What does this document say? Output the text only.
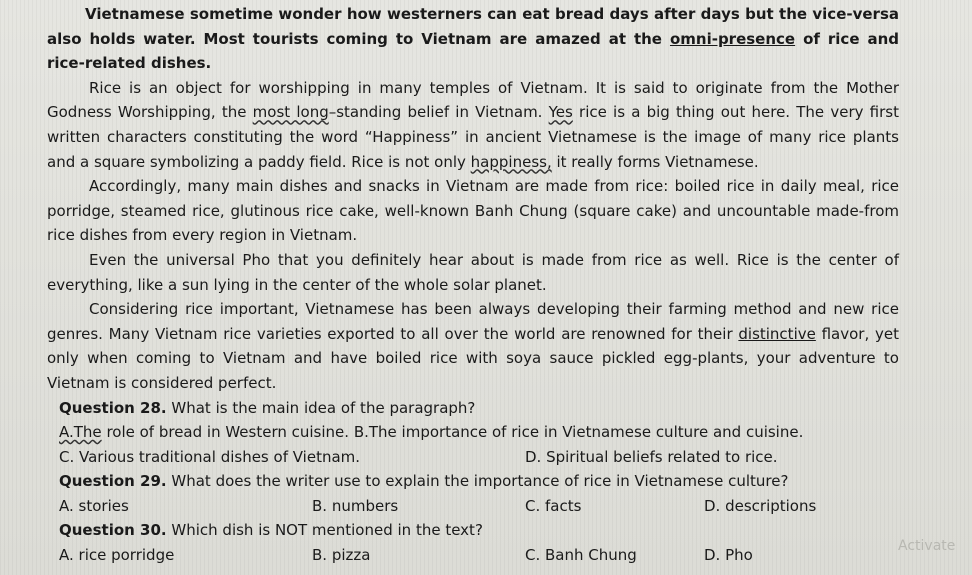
Vietnamese sometime wonder how westerners can eat bread days after days but the vice-versa also holds water. Most tourists coming to Vietnam are amazed at the omni-presence of rice and rice-related dishes.

Rice is an object for worshipping in many temples of Vietnam. It is said to originate from the Mother Godness Worshipping, the most long–standing belief in Vietnam. Yes rice is a big thing out here. The very first written characters constituting the word “Happiness” in ancient Vietnamese is the image of many rice plants and a square symbolizing a paddy field. Rice is not only happiness, it really forms Vietnamese.

Accordingly, many main dishes and snacks in Vietnam are made from rice: boiled rice in daily meal, rice porridge, steamed rice, glutinous rice cake, well-known Banh Chung (square cake) and uncountable made-from rice dishes from every region in Vietnam.

Even the universal Pho that you definitely hear about is made from rice as well. Rice is the center of everything, like a sun lying in the center of the whole solar planet.

Considering rice important, Vietnamese has been always developing their farming method and new rice genres. Many Vietnam rice varieties exported to all over the world are renowned for their distinctive flavor, yet only when coming to Vietnam and have boiled rice with soya sauce pickled egg-plants, your adventure to Vietnam is considered perfect.

Question 28. What is the main idea of the paragraph?

A.The role of bread in Western cuisine. B.The importance of rice in Vietnamese culture and cuisine.

C. Various traditional dishes of Vietnam.	D. Spiritual beliefs related to rice.

Question 29. What does the writer use to explain the importance of rice in Vietnamese culture?

A. stories	B. numbers	C. facts	D. descriptions

Question 30. Which dish is NOT mentioned in the text?

A. rice porridge	B. pizza	C. Banh Chung	D. Pho
Activate
